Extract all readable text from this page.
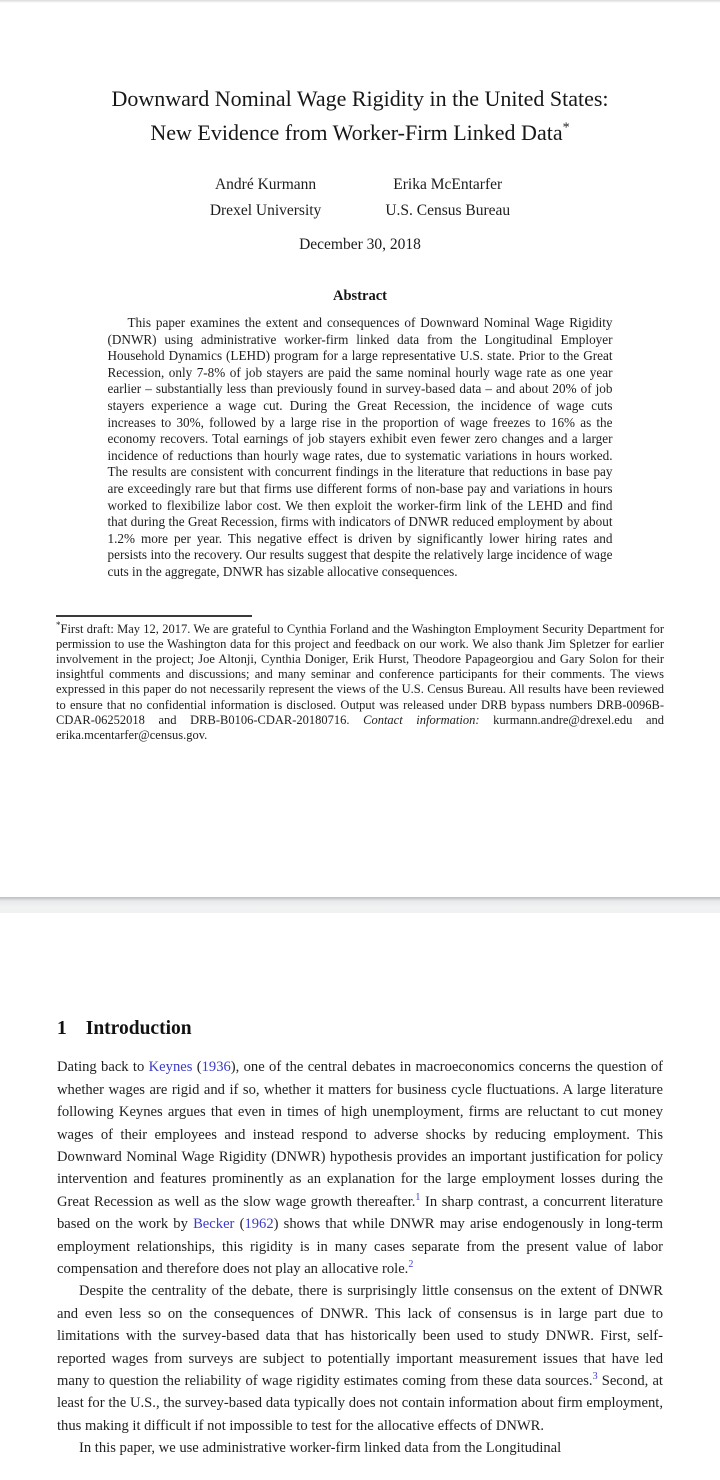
Downward Nominal Wage Rigidity in the United States:
New Evidence from Worker-Firm Linked Data*
André Kurmann
Drexel University
Erika McEntarfer
U.S. Census Bureau
December 30, 2018
Abstract

This paper examines the extent and consequences of Downward Nominal Wage Rigidity (DNWR) using administrative worker-firm linked data from the Longitudinal Employer Household Dynamics (LEHD) program for a large representative U.S. state. Prior to the Great Recession, only 7-8% of job stayers are paid the same nominal hourly wage rate as one year earlier – substantially less than previously found in survey-based data – and about 20% of job stayers experience a wage cut. During the Great Recession, the incidence of wage cuts increases to 30%, followed by a large rise in the proportion of wage freezes to 16% as the economy recovers. Total earnings of job stayers exhibit even fewer zero changes and a larger incidence of reductions than hourly wage rates, due to systematic variations in hours worked. The results are consistent with concurrent findings in the literature that reductions in base pay are exceedingly rare but that firms use different forms of non-base pay and variations in hours worked to flexibilize labor cost. We then exploit the worker-firm link of the LEHD and find that during the Great Recession, firms with indicators of DNWR reduced employment by about 1.2% more per year. This negative effect is driven by significantly lower hiring rates and persists into the recovery. Our results suggest that despite the relatively large incidence of wage cuts in the aggregate, DNWR has sizable allocative consequences.

*First draft: May 12, 2017. We are grateful to Cynthia Forland and the Washington Employment Security Department for permission to use the Washington data for this project and feedback on our work. We also thank Jim Spletzer for earlier involvement in the project; Joe Altonji, Cynthia Doniger, Erik Hurst, Theodore Papageorgiou and Gary Solon for their insightful comments and discussions; and many seminar and conference participants for their comments. The views expressed in this paper do not necessarily represent the views of the U.S. Census Bureau. All results have been reviewed to ensure that no confidential information is disclosed. Output was released under DRB bypass numbers DRB-0096B-CDAR-06252018 and DRB-B0106-CDAR-20180716. Contact information: kurmann.andre@drexel.edu and erika.mcentarfer@census.gov.

1 Introduction

Dating back to Keynes (1936), one of the central debates in macroeconomics concerns the question of whether wages are rigid and if so, whether it matters for business cycle fluctuations. A large literature following Keynes argues that even in times of high unemployment, firms are reluctant to cut money wages of their employees and instead respond to adverse shocks by reducing employment. This Downward Nominal Wage Rigidity (DNWR) hypothesis provides an important justification for policy intervention and features prominently as an explanation for the large employment losses during the Great Recession as well as the slow wage growth thereafter.$^1$ In sharp contrast, a concurrent literature based on the work by Becker (1962) shows that while DNWR may arise endogenously in long-term employment relationships, this rigidity is in many cases separate from the present value of labor compensation and therefore does not play an allocative role.$^2$

Despite the centrality of the debate, there is surprisingly little consensus on the extent of DNWR and even less so on the consequences of DNWR. This lack of consensus is in large part due to limitations with the survey-based data that has historically been used to study DNWR. First, self-reported wages from surveys are subject to potentially important measurement issues that have led many to question the reliability of wage rigidity estimates coming from these data sources.$^3$ Second, at least for the U.S., the survey-based data typically does not contain information about firm employment, thus making it difficult if not impossible to test for the allocative effects of DNWR.

In this paper, we use administrative worker-firm linked data from the Longitudinal
